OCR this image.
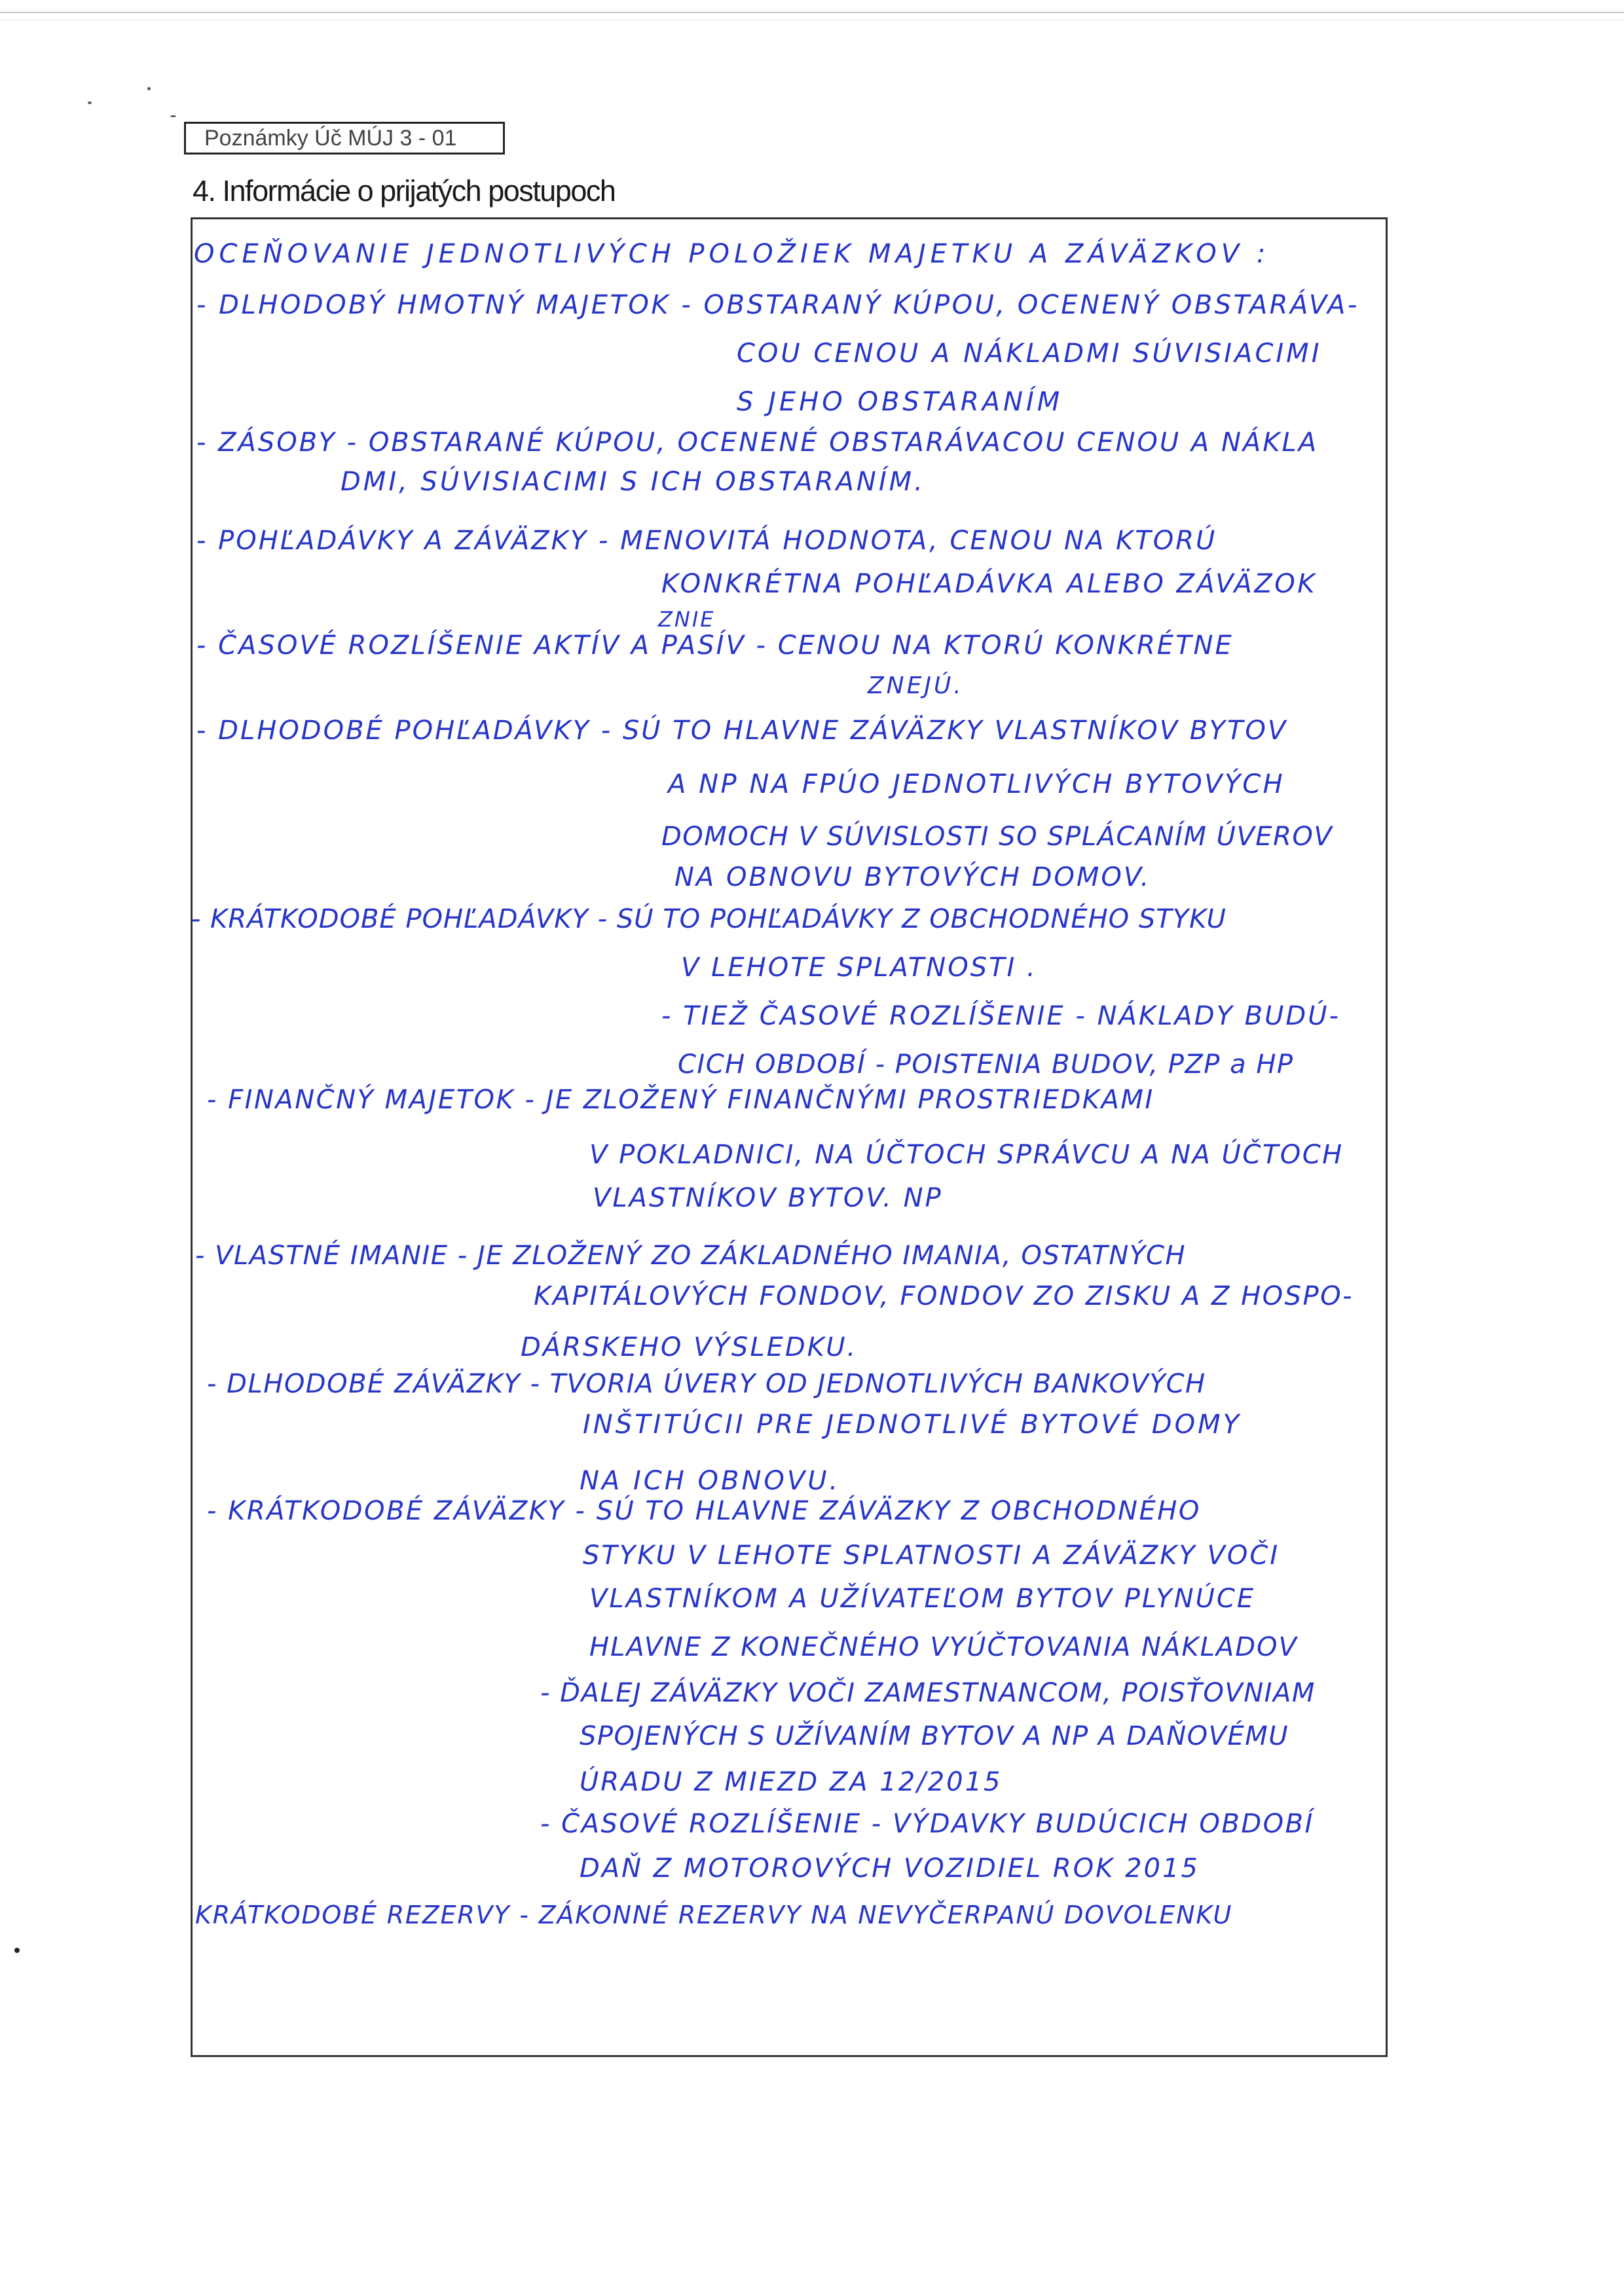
Poznámky Úč MÚJ 3 - 01
4. Informácie o prijatých postupoch

OCEŇOVANIE JEDNOTLIVÝCH POLOŽIEK MAJETKU A ZÁVÄZKOV :

- DLHODOBÝ HMOTNÝ MAJETOK - OBSTARANÝ KÚPOU, OCENENÝ OBSTARÁVA-

COU CENOU A NÁKLADMI SÚVISIACIMI

S JEHO OBSTARANÍM

- ZÁSOBY - OBSTARANÉ KÚPOU, OCENENÉ OBSTARÁVACOU CENOU A NÁKLA

DMI, SÚVISIACIMI S ICH OBSTARANÍM.

- POHĽADÁVKY A ZÁVÄZKY - MENOVITÁ HODNOTA, CENOU NA KTORÚ

KONKRÉTNA POHĽADÁVKA ALEBO ZÁVÄZOK

ZNIE

- ČASOVÉ ROZLÍŠENIE AKTÍV A PASÍV - CENOU NA KTORÚ KONKRÉTNE

ZNEJÚ.

- DLHODOBÉ POHĽADÁVKY - SÚ TO HLAVNE ZÁVÄZKY VLASTNÍKOV BYTOV

A NP NA FPÚO JEDNOTLIVÝCH BYTOVÝCH

DOMOCH V SÚVISLOSTI SO SPLÁCANÍM ÚVEROV

NA OBNOVU BYTOVÝCH DOMOV.

- KRÁTKODOBÉ POHĽADÁVKY - SÚ TO POHĽADÁVKY Z OBCHODNÉHO STYKU

V LEHOTE SPLATNOSTI .

- TIEŽ ČASOVÉ ROZLÍŠENIE - NÁKLADY BUDÚ-

CICH OBDOBÍ - POISTENIA BUDOV, PZP a HP

- FINANČNÝ MAJETOK - JE ZLOŽENÝ FINANČNÝMI PROSTRIEDKAMI

V POKLADNICI, NA ÚČTOCH SPRÁVCU A NA ÚČTOCH

VLASTNÍKOV BYTOV. NP

- VLASTNÉ IMANIE - JE ZLOŽENÝ ZO ZÁKLADNÉHO IMANIA, OSTATNÝCH

KAPITÁLOVÝCH FONDOV, FONDOV ZO ZISKU A Z HOSPO-

DÁRSKEHO VÝSLEDKU.

- DLHODOBÉ ZÁVÄZKY - TVORIA ÚVERY OD JEDNOTLIVÝCH BANKOVÝCH

INŠTITÚCII PRE JEDNOTLIVÉ BYTOVÉ DOMY

NA ICH OBNOVU.

- KRÁTKODOBÉ ZÁVÄZKY - SÚ TO HLAVNE ZÁVÄZKY Z OBCHODNÉHO

STYKU V LEHOTE SPLATNOSTI A ZÁVÄZKY VOČI

VLASTNÍKOM A UŽÍVATEĽOM BYTOV PLYNÚCE

HLAVNE Z KONEČNÉHO VYÚČTOVANIA NÁKLADOV

- ĎALEJ ZÁVÄZKY VOČI ZAMESTNANCOM, POISŤOVNIAM

SPOJENÝCH S UŽÍVANÍM BYTOV A NP A DAŇOVÉMU

ÚRADU Z MIEZD ZA 12/2015

- ČASOVÉ ROZLÍŠENIE - VÝDAVKY BUDÚCICH OBDOBÍ

DAŇ Z MOTOROVÝCH VOZIDIEL ROK 2015

KRÁTKODOBÉ REZERVY - ZÁKONNÉ REZERVY NA NEVYČERPANÚ DOVOLENKU
